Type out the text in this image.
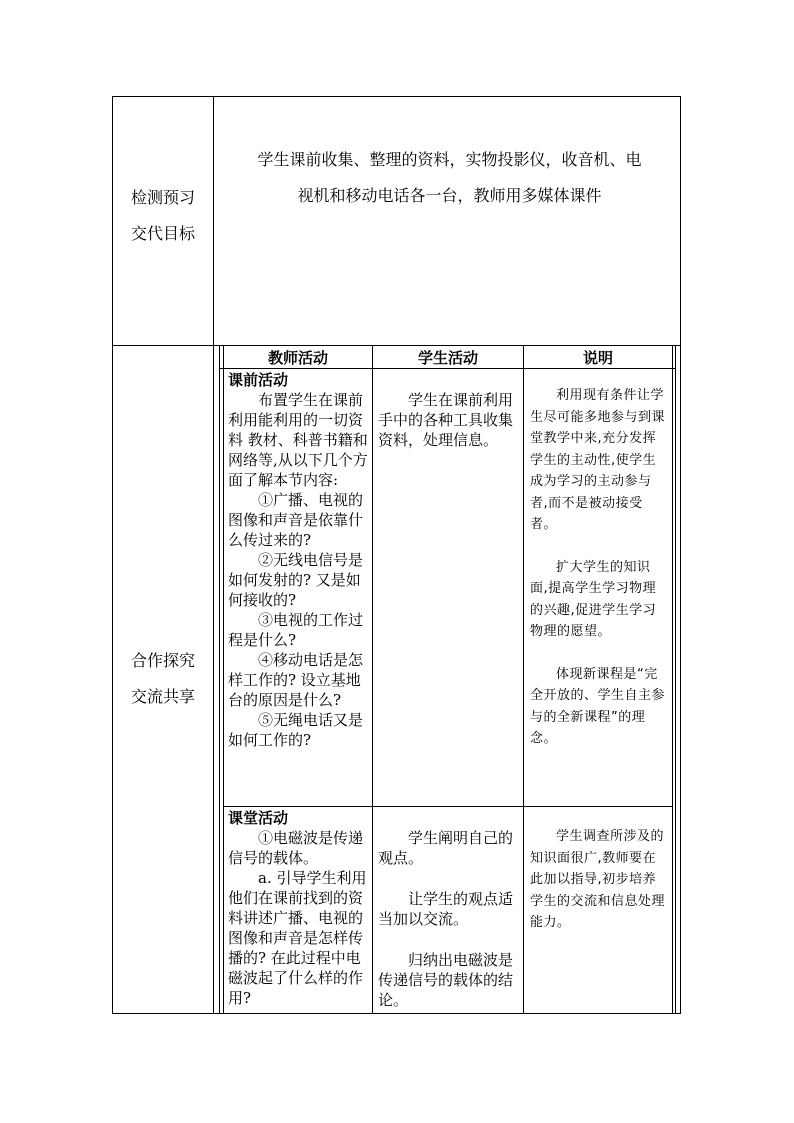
检测预习
交代目标
学生课前收集、整理的资料，实物投影仪，收音机、电
视机和移动电话各一台，教师用多媒体课件
合作探究
交流共享
教师活动	学生活动	说明

课前活动

布置学生在课前利用能利用的一切资料 教材、科普书籍和网络等,从以下几个方面了解本节内容:

①广播、电视的图像和声音是依靠什么传过来的?

②无线电信号是如何发射的? 又是如何接收的?

③电视的工作过程是什么?

④移动电话是怎样工作的? 设立基地台的原因是什么?

⑤无绳电话又是如何工作的?

学生在课前利用手中的各种工具收集资料，处理信息。

利用现有条件让学生尽可能多地参与到课堂教学中来,充分发挥学生的主动性,使学生成为学习的主动参与者,而不是被动接受者。

扩大学生的知识面,提高学生学习物理的兴趣,促进学生学习物理的愿望。

体现新课程是“完全开放的、学生自主参与的全新课程”的理念。

课堂活动

①电磁波是传递信号的载体。

a. 引导学生利用他们在课前找到的资料讲述广播、电视的图像和声音是怎样传播的? 在此过程中电磁波起了什么样的作用?

学生阐明自己的观点。

让学生的观点适当加以交流。

归纳出电磁波是传递信号的载体的结论。

学生调查所涉及的知识面很广,教师要在此加以指导,初步培养学生的交流和信息处理能力。
